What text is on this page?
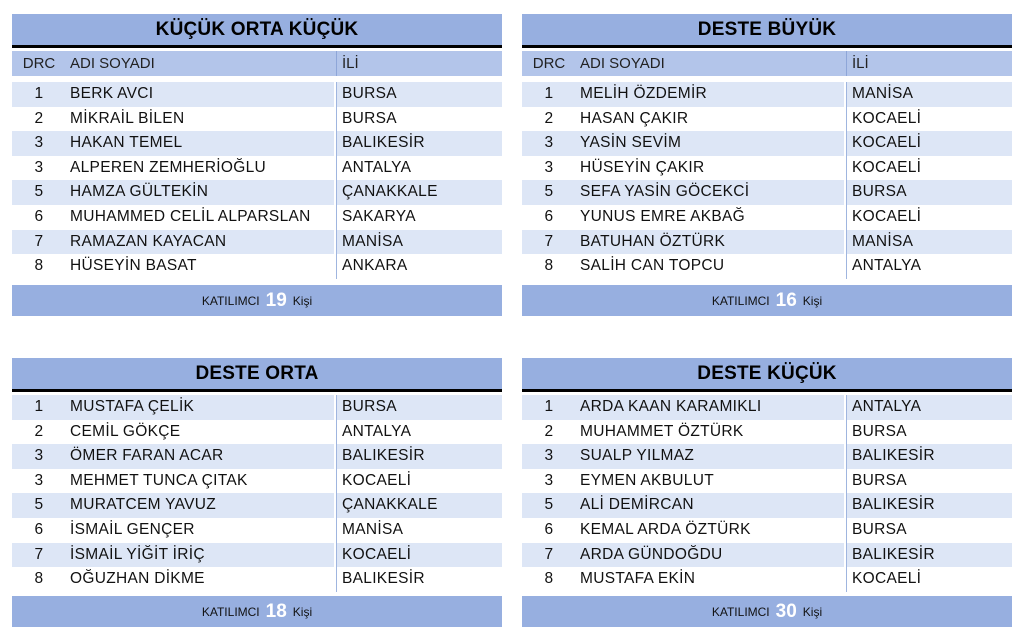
KÜÇÜK ORTA KÜÇÜK
DRC ADI SOYADI	İLİ
1	BERK AVCI	BURSA
2	MİKRAİL BİLEN	BURSA
3	HAKAN TEMEL	BALIKESİR
3	ALPEREN ZEMHERİOĞLU	ANTALYA
5	HAMZA GÜLTEKİN	ÇANAKKALE
6	MUHAMMED CELİL ALPARSLAN	SAKARYA
7	RAMAZAN KAYACAN	MANİSA
8	HÜSEYİN BASAT	ANKARA
KATILIMCI 19 Kişi
DESTE BÜYÜK
DRC ADI SOYADI	İLİ
1	MELİH ÖZDEMİR	MANİSA
2	HASAN ÇAKIR	KOCAELİ
3	YASİN SEVİM	KOCAELİ
3	HÜSEYİN ÇAKIR	KOCAELİ
5	SEFA YASİN GÖCEKCİ	BURSA
6	YUNUS EMRE AKBAĞ	KOCAELİ
7	BATUHAN ÖZTÜRK	MANİSA
8	SALİH CAN TOPCU	ANTALYA
KATILIMCI 16 Kişi
DESTE ORTA
1	MUSTAFA ÇELİK	BURSA
2	CEMİL GÖKÇE	ANTALYA
3	ÖMER FARAN ACAR	BALIKESİR
3	MEHMET TUNCA ÇITAK	KOCAELİ
5	MURATCEM YAVUZ	ÇANAKKALE
6	İSMAİL GENÇER	MANİSA
7	İSMAİL YİĞİT İRİÇ	KOCAELİ
8	OĞUZHAN DİKME	BALIKESİR
KATILIMCI 18 Kişi
DESTE KÜÇÜK
1	ARDA KAAN KARAMIKLI	ANTALYA
2	MUHAMMET ÖZTÜRK	BURSA
3	SUALP YILMAZ	BALIKESİR
3	EYMEN AKBULUT	BURSA
5	ALİ DEMİRCAN	BALIKESİR
6	KEMAL ARDA ÖZTÜRK	BURSA
7	ARDA GÜNDOĞDU	BALIKESİR
8	MUSTAFA EKİN	KOCAELİ
KATILIMCI 30 Kişi
